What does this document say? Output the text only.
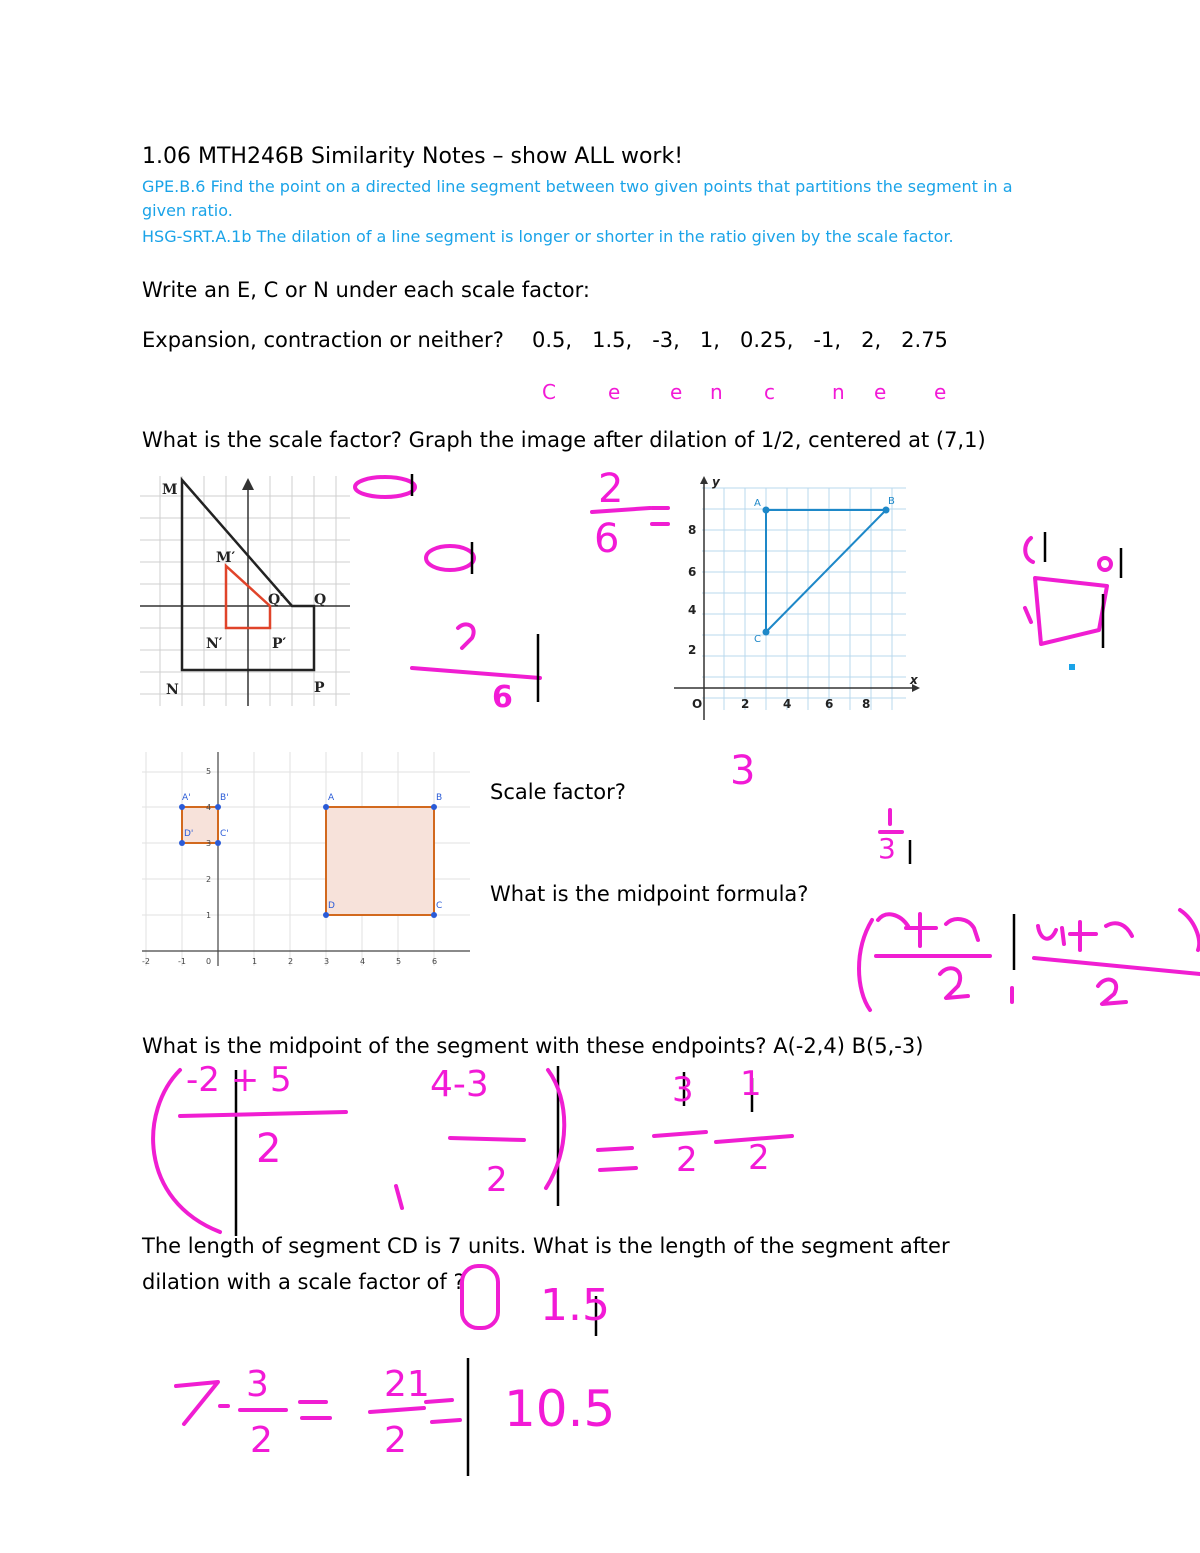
1.06 MTH246B Similarity Notes – show ALL work!
GPE.B.6 Find the point on a directed line segment between two given points that partitions the segment in a
given ratio.
HSG-SRT.A.1b The dilation of a line segment is longer or shorter in the ratio given by the scale factor.
Write an E, C or N under each scale factor:
Expansion, contraction or neither? 0.5, 1.5, -3, 1, 0.25, -1, 2, 2.75
C	e e n c	n e e
What is the scale factor? Graph the image after dilation of 1/2, centered at (7,1)
M
M′
Q′ Q
N′	P′
N	P	6
2
6
y
x
O
8
6
4
2
2	4	6 8
A	B
C
A'	B'
C'
D'
A	B
C
D
-2	-1	0	1	2	3	4	5	6
5
4
3
2
1
Scale factor?
What is the midpoint formula?
3
3
What is the midpoint of the segment with these endpoints? A(-2,4) B(5,-3)
-2 + 5	4-3
2
2
3
2
1
2
The length of segment CD is 7 units. What is the length of the segment after
dilation with a scale factor of ? 1.5
3
2	2
10.5
21
